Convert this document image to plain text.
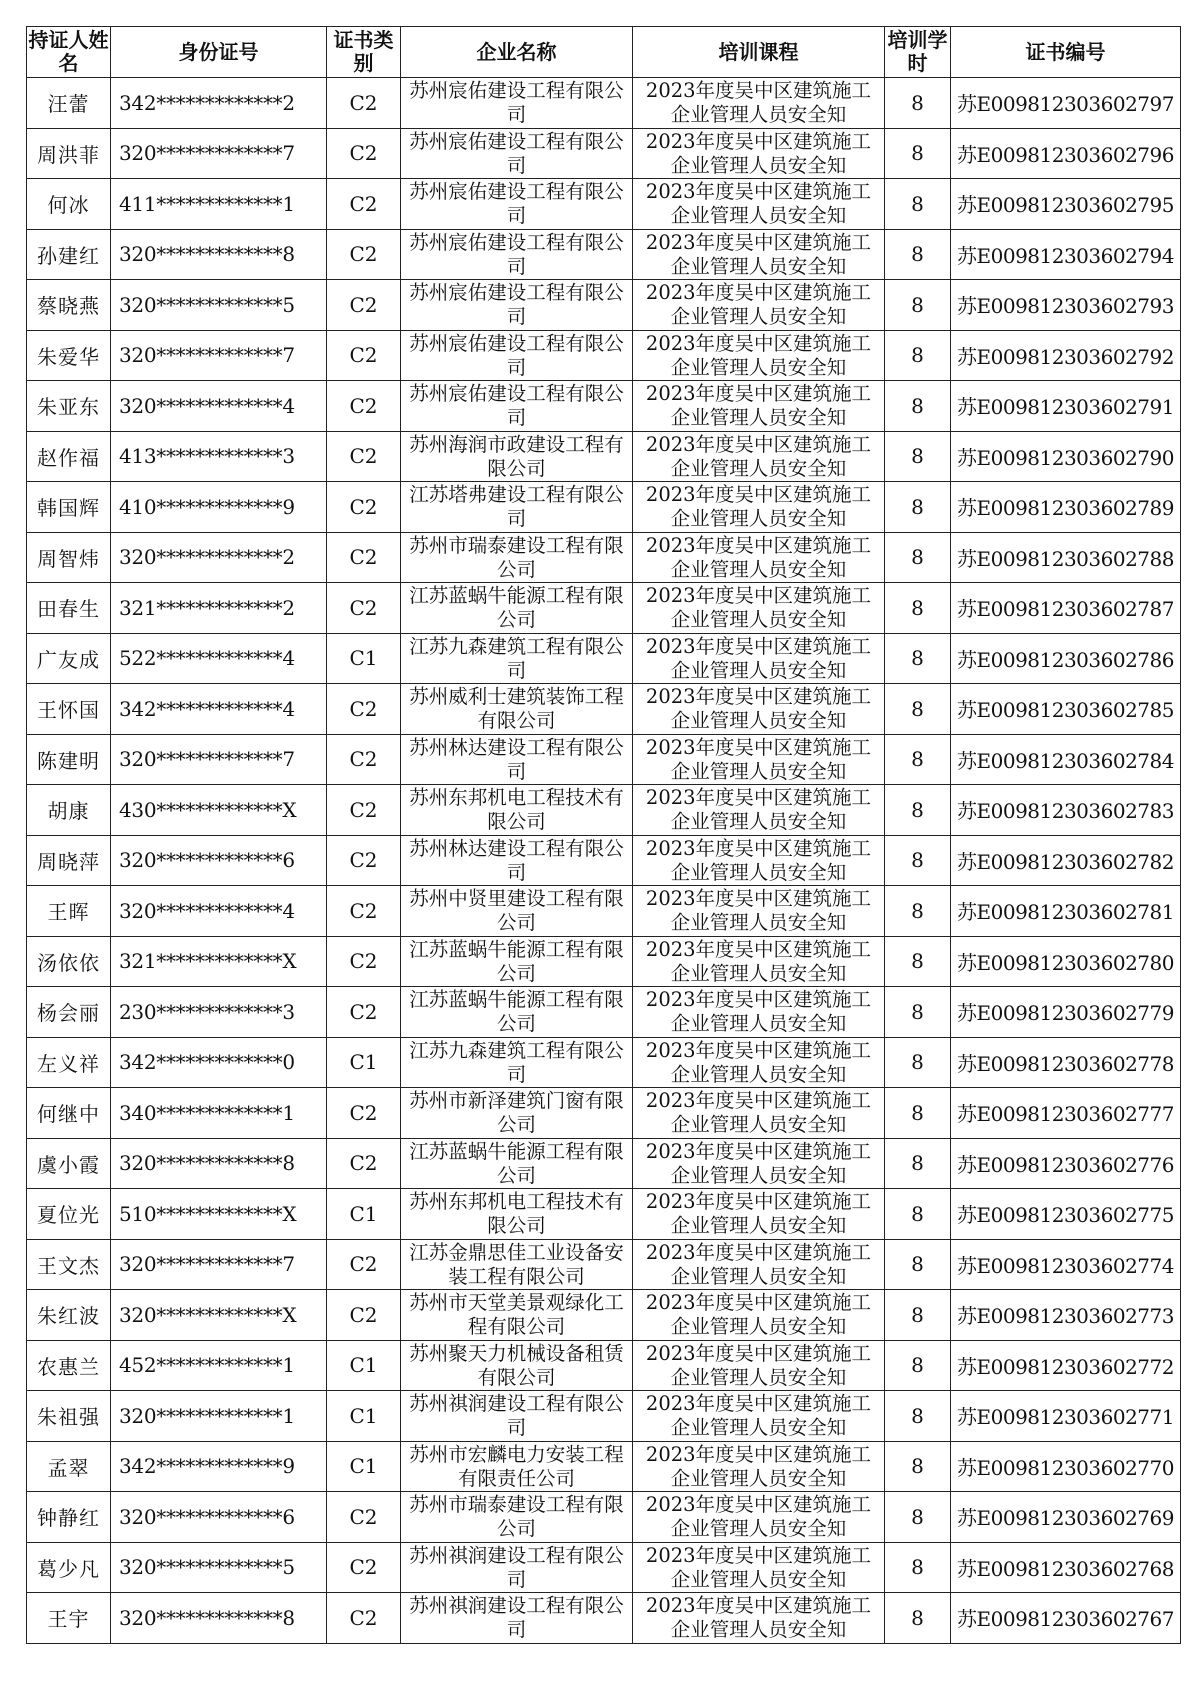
持证人姓名	身份证号	证书类别	企业名称	培训课程	培训学时	证书编号
汪蕾	342*************2	C2	苏州宸佑建设工程有限公司	2023年度吴中区建筑施工企业管理人员安全知	8	苏E009812303602797
周洪菲	320*************7	C2	苏州宸佑建设工程有限公司	2023年度吴中区建筑施工企业管理人员安全知	8	苏E009812303602796
何冰	411*************1	C2	苏州宸佑建设工程有限公司	2023年度吴中区建筑施工企业管理人员安全知	8	苏E009812303602795
孙建红	320*************8	C2	苏州宸佑建设工程有限公司	2023年度吴中区建筑施工企业管理人员安全知	8	苏E009812303602794
蔡晓燕	320*************5	C2	苏州宸佑建设工程有限公司	2023年度吴中区建筑施工企业管理人员安全知	8	苏E009812303602793
朱爱华	320*************7	C2	苏州宸佑建设工程有限公司	2023年度吴中区建筑施工企业管理人员安全知	8	苏E009812303602792
朱亚东	320*************4	C2	苏州宸佑建设工程有限公司	2023年度吴中区建筑施工企业管理人员安全知	8	苏E009812303602791
赵作福	413*************3	C2	苏州海润市政建设工程有限公司	2023年度吴中区建筑施工企业管理人员安全知	8	苏E009812303602790
韩国辉	410*************9	C2	江苏塔弗建设工程有限公司	2023年度吴中区建筑施工企业管理人员安全知	8	苏E009812303602789
周智炜	320*************2	C2	苏州市瑞泰建设工程有限公司	2023年度吴中区建筑施工企业管理人员安全知	8	苏E009812303602788
田春生	321*************2	C2	江苏蓝蜗牛能源工程有限公司	2023年度吴中区建筑施工企业管理人员安全知	8	苏E009812303602787
广友成	522*************4	C1	江苏九森建筑工程有限公司	2023年度吴中区建筑施工企业管理人员安全知	8	苏E009812303602786
王怀国	342*************4	C2	苏州威利士建筑装饰工程有限公司	2023年度吴中区建筑施工企业管理人员安全知	8	苏E009812303602785
陈建明	320*************7	C2	苏州林达建设工程有限公司	2023年度吴中区建筑施工企业管理人员安全知	8	苏E009812303602784
胡康	430*************X	C2	苏州东邦机电工程技术有限公司	2023年度吴中区建筑施工企业管理人员安全知	8	苏E009812303602783
周晓萍	320*************6	C2	苏州林达建设工程有限公司	2023年度吴中区建筑施工企业管理人员安全知	8	苏E009812303602782
王晖	320*************4	C2	苏州中贤里建设工程有限公司	2023年度吴中区建筑施工企业管理人员安全知	8	苏E009812303602781
汤依依	321*************X	C2	江苏蓝蜗牛能源工程有限公司	2023年度吴中区建筑施工企业管理人员安全知	8	苏E009812303602780
杨会丽	230*************3	C2	江苏蓝蜗牛能源工程有限公司	2023年度吴中区建筑施工企业管理人员安全知	8	苏E009812303602779
左义祥	342*************0	C1	江苏九森建筑工程有限公司	2023年度吴中区建筑施工企业管理人员安全知	8	苏E009812303602778
何继中	340*************1	C2	苏州市新泽建筑门窗有限公司	2023年度吴中区建筑施工企业管理人员安全知	8	苏E009812303602777
虞小霞	320*************8	C2	江苏蓝蜗牛能源工程有限公司	2023年度吴中区建筑施工企业管理人员安全知	8	苏E009812303602776
夏位光	510*************X	C1	苏州东邦机电工程技术有限公司	2023年度吴中区建筑施工企业管理人员安全知	8	苏E009812303602775
王文杰	320*************7	C2	江苏金鼎思佳工业设备安装工程有限公司	2023年度吴中区建筑施工企业管理人员安全知	8	苏E009812303602774
朱红波	320*************X	C2	苏州市天堂美景观绿化工程有限公司	2023年度吴中区建筑施工企业管理人员安全知	8	苏E009812303602773
农惠兰	452*************1	C1	苏州聚天力机械设备租赁有限公司	2023年度吴中区建筑施工企业管理人员安全知	8	苏E009812303602772
朱祖强	320*************1	C1	苏州祺润建设工程有限公司	2023年度吴中区建筑施工企业管理人员安全知	8	苏E009812303602771
孟翠	342*************9	C1	苏州市宏麟电力安装工程有限责任公司	2023年度吴中区建筑施工企业管理人员安全知	8	苏E009812303602770
钟静红	320*************6	C2	苏州市瑞泰建设工程有限公司	2023年度吴中区建筑施工企业管理人员安全知	8	苏E009812303602769
葛少凡	320*************5	C2	苏州祺润建设工程有限公司	2023年度吴中区建筑施工企业管理人员安全知	8	苏E009812303602768
王宇	320*************8	C2	苏州祺润建设工程有限公司	2023年度吴中区建筑施工企业管理人员安全知	8	苏E009812303602767
